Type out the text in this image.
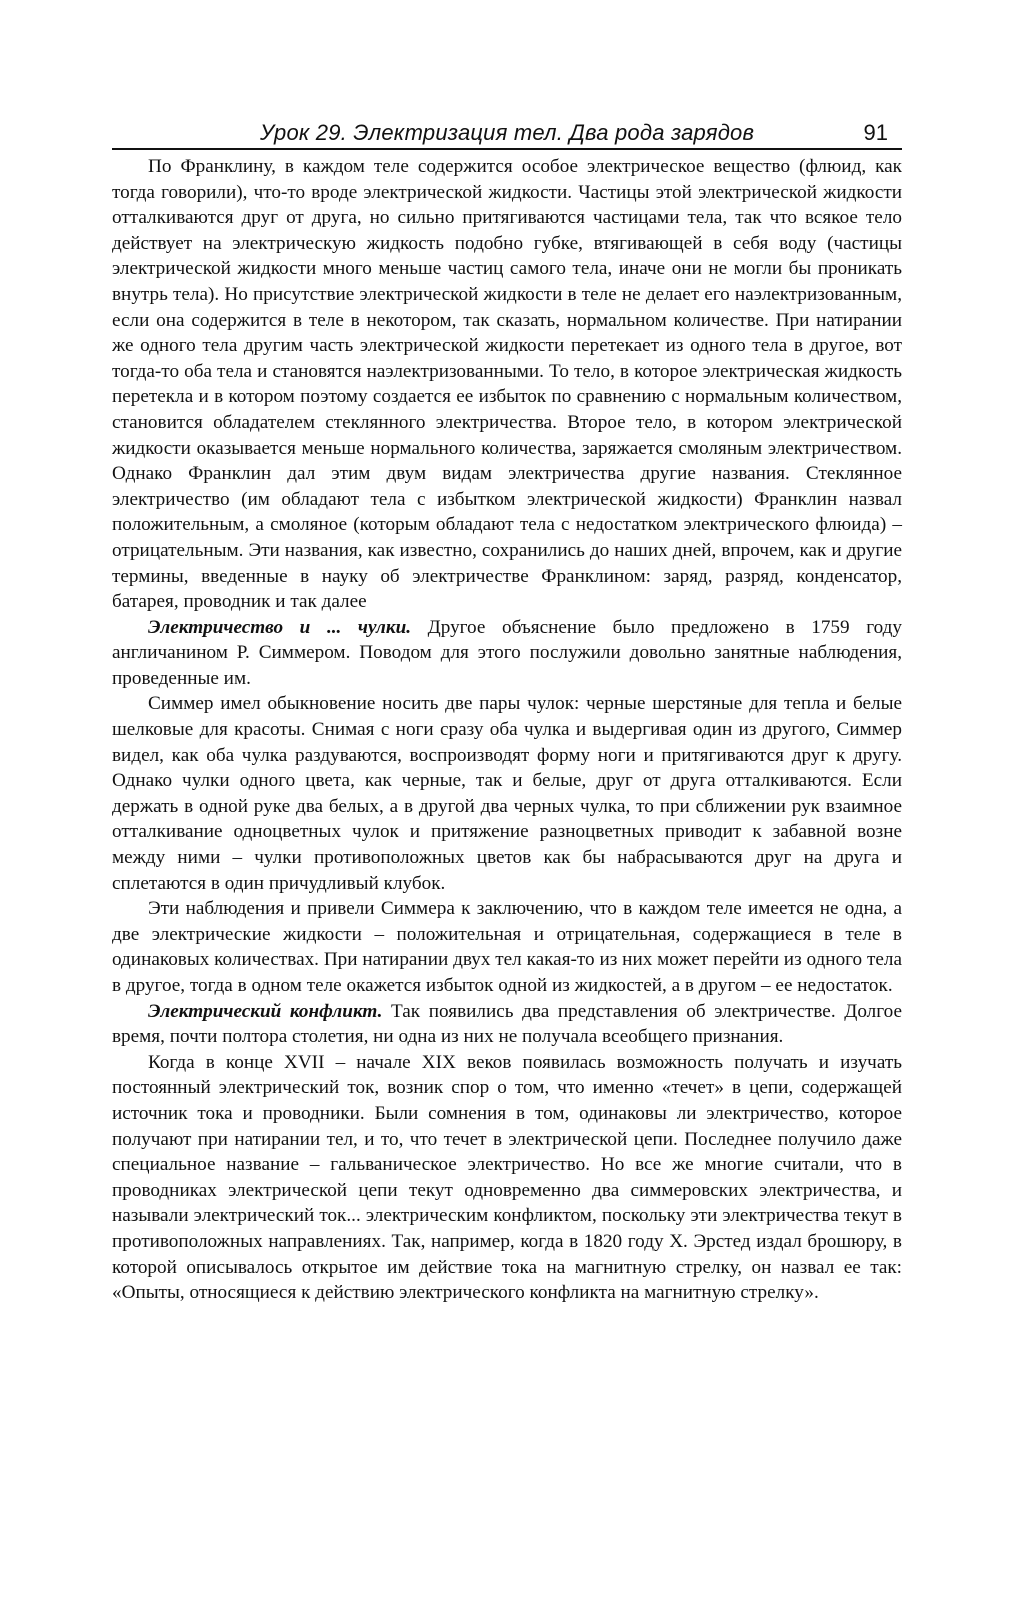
Урок 29. Электризация тел. Два рода зарядов	91

По Франклину, в каждом теле содержится особое электрическое вещество (флюид, как тогда говорили), что-то вроде электрической жидкости. Частицы этой электрической жидкости отталкиваются друг от друга, но сильно притягиваются частицами тела, так что всякое тело действует на электрическую жидкость подобно губке, втягивающей в себя воду (частицы электрической жидкости много меньше частиц самого тела, иначе они не могли бы проникать внутрь тела). Но присутствие электрической жидкости в теле не делает его наэлектризованным, если она содержится в теле в некотором, так сказать, нормальном количестве. При натирании же одного тела другим часть электрической жидкости перетекает из одного тела в другое, вот тогда-то оба тела и становятся наэлектризованными. То тело, в которое электрическая жидкость перетекла и в котором поэтому создается ее избыток по сравнению с нормальным количеством, становится обладателем стеклянного электричества. Второе тело, в котором электрической жидкости оказывается меньше нормального количества, заряжается смоляным электричеством. Однако Франклин дал этим двум видам электричества другие названия. Стеклянное электричество (им обладают тела с избытком электрической жидкости) Франклин назвал положительным, а смоляное (которым обладают тела с недостатком электрического флюида) – отрицательным. Эти названия, как известно, сохранились до наших дней, впрочем, как и другие термины, введенные в науку об электричестве Франклином: заряд, разряд, конденсатор, батарея, проводник и так далее

Электричество и ... чулки. Другое объяснение было предложено в 1759 году англичанином Р. Симмером. Поводом для этого послужили довольно занятные наблюдения, проведенные им.

Симмер имел обыкновение носить две пары чулок: черные шерстяные для тепла и белые шелковые для красоты. Снимая с ноги сразу оба чулка и выдергивая один из другого, Симмер видел, как оба чулка раздуваются, воспроизводят форму ноги и притягиваются друг к другу. Однако чулки одного цвета, как черные, так и белые, друг от друга отталкиваются. Если держать в одной руке два белых, а в другой два черных чулка, то при сближении рук взаимное отталкивание одноцветных чулок и притяжение разноцветных приводит к забавной возне между ними – чулки противоположных цветов как бы набрасываются друг на друга и сплетаются в один причудливый клубок.

Эти наблюдения и привели Симмера к заключению, что в каждом теле имеется не одна, а две электрические жидкости – положительная и отрицательная, содержащиеся в теле в одинаковых количествах. При натирании двух тел какая-то из них может перейти из одного тела в другое, тогда в одном теле окажется избыток одной из жидкостей, а в другом – ее недостаток.

Электрический конфликт. Так появились два представления об электричестве. Долгое время, почти полтора столетия, ни одна из них не получала всеобщего признания.

Когда в конце XVII – начале XIX веков появилась возможность получать и изучать постоянный электрический ток, возник спор о том, что именно «течет» в цепи, содержащей источник тока и проводники. Были сомнения в том, одинаковы ли электричество, которое получают при натирании тел, и то, что течет в электрической цепи. Последнее получило даже специальное название – гальваническое электричество. Но все же многие считали, что в проводниках электрической цепи текут одновременно два симмеровских электричества, и называли электрический ток... электрическим конфликтом, поскольку эти электричества текут в противоположных направлениях. Так, например, когда в 1820 году Х. Эрстед издал брошюру, в которой описывалось открытое им действие тока на магнитную стрелку, он назвал ее так: «Опыты, относящиеся к действию электрического конфликта на магнитную стрелку».
